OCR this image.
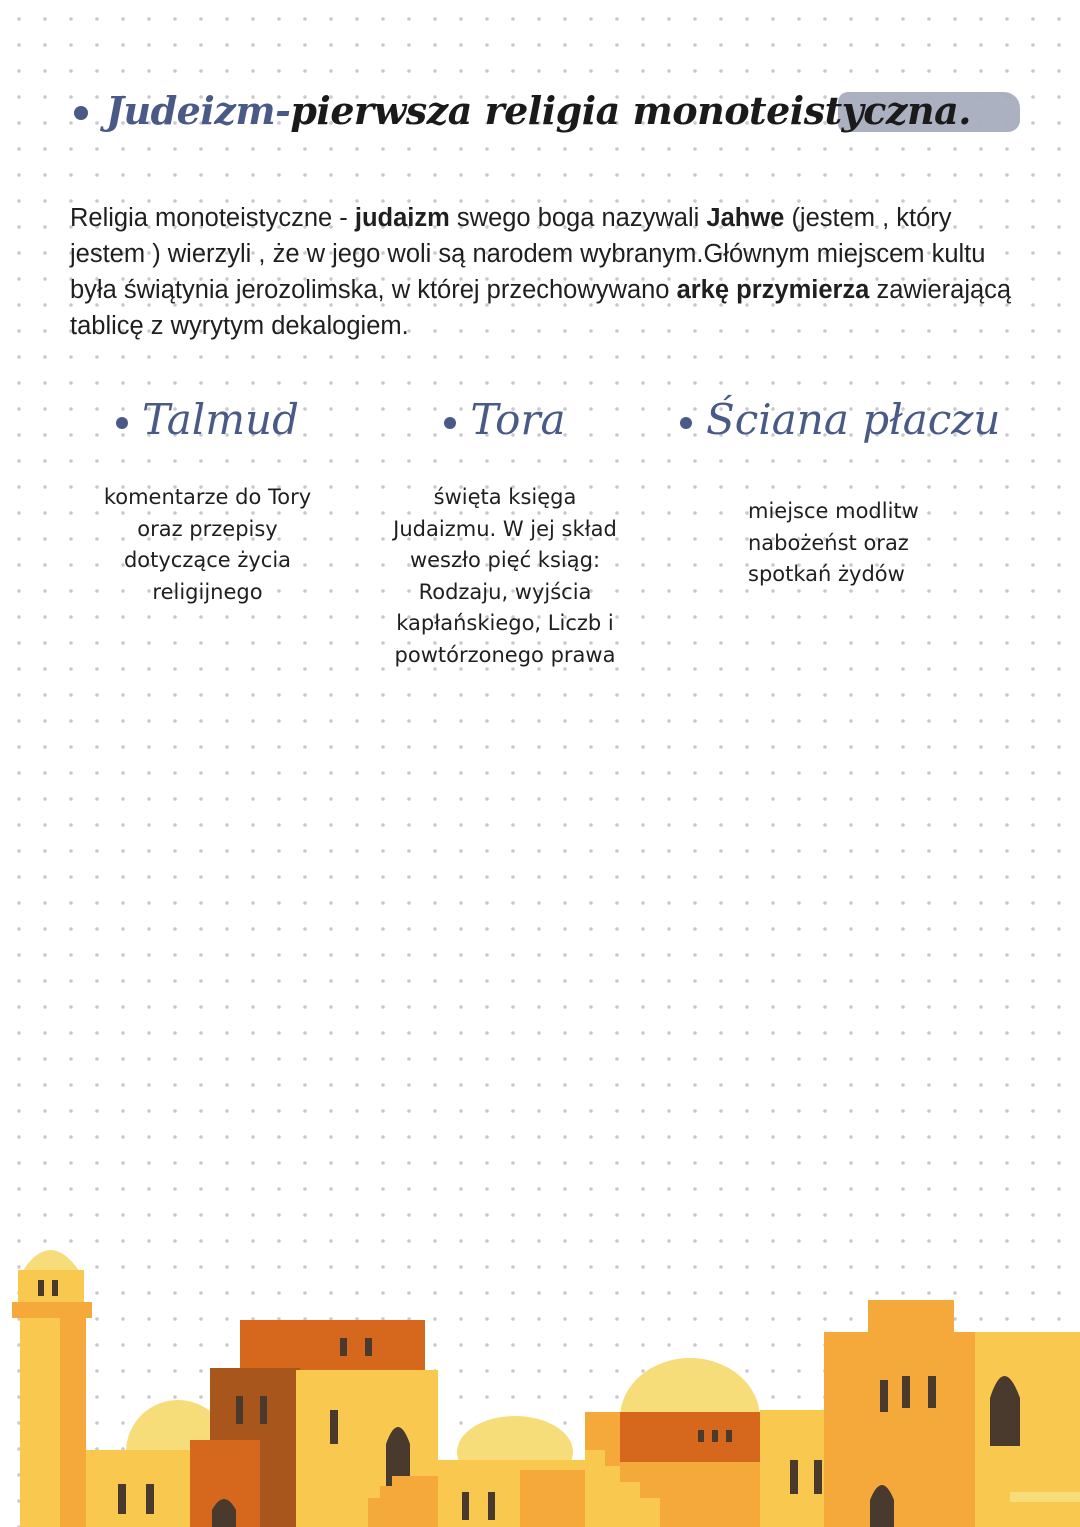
Judeizm-pierwsza religia monoteistyczna.

Religia monoteistyczne - judaizm swego boga nazywali Jahwe (jestem , który jestem ) wierzyli , że w jego woli są narodem wybranym.Głównym miejscem kultu była świątynia jerozolimska, w której przechowywano arkę przymierza zawierającą tablicę z wyrytym dekalogiem.

Talmud
komentarze do Tory
oraz przepisy
dotyczące życia
religijnego
Tora
święta księga
Judaizmu. W jej skład
weszło pięć ksiąg:
Rodzaju, wyjścia
kapłańskiego, Liczb i
powtórzonego prawa
Ściana płaczu
miejsce modlitw
nabożeńst oraz
spotkań żydów
